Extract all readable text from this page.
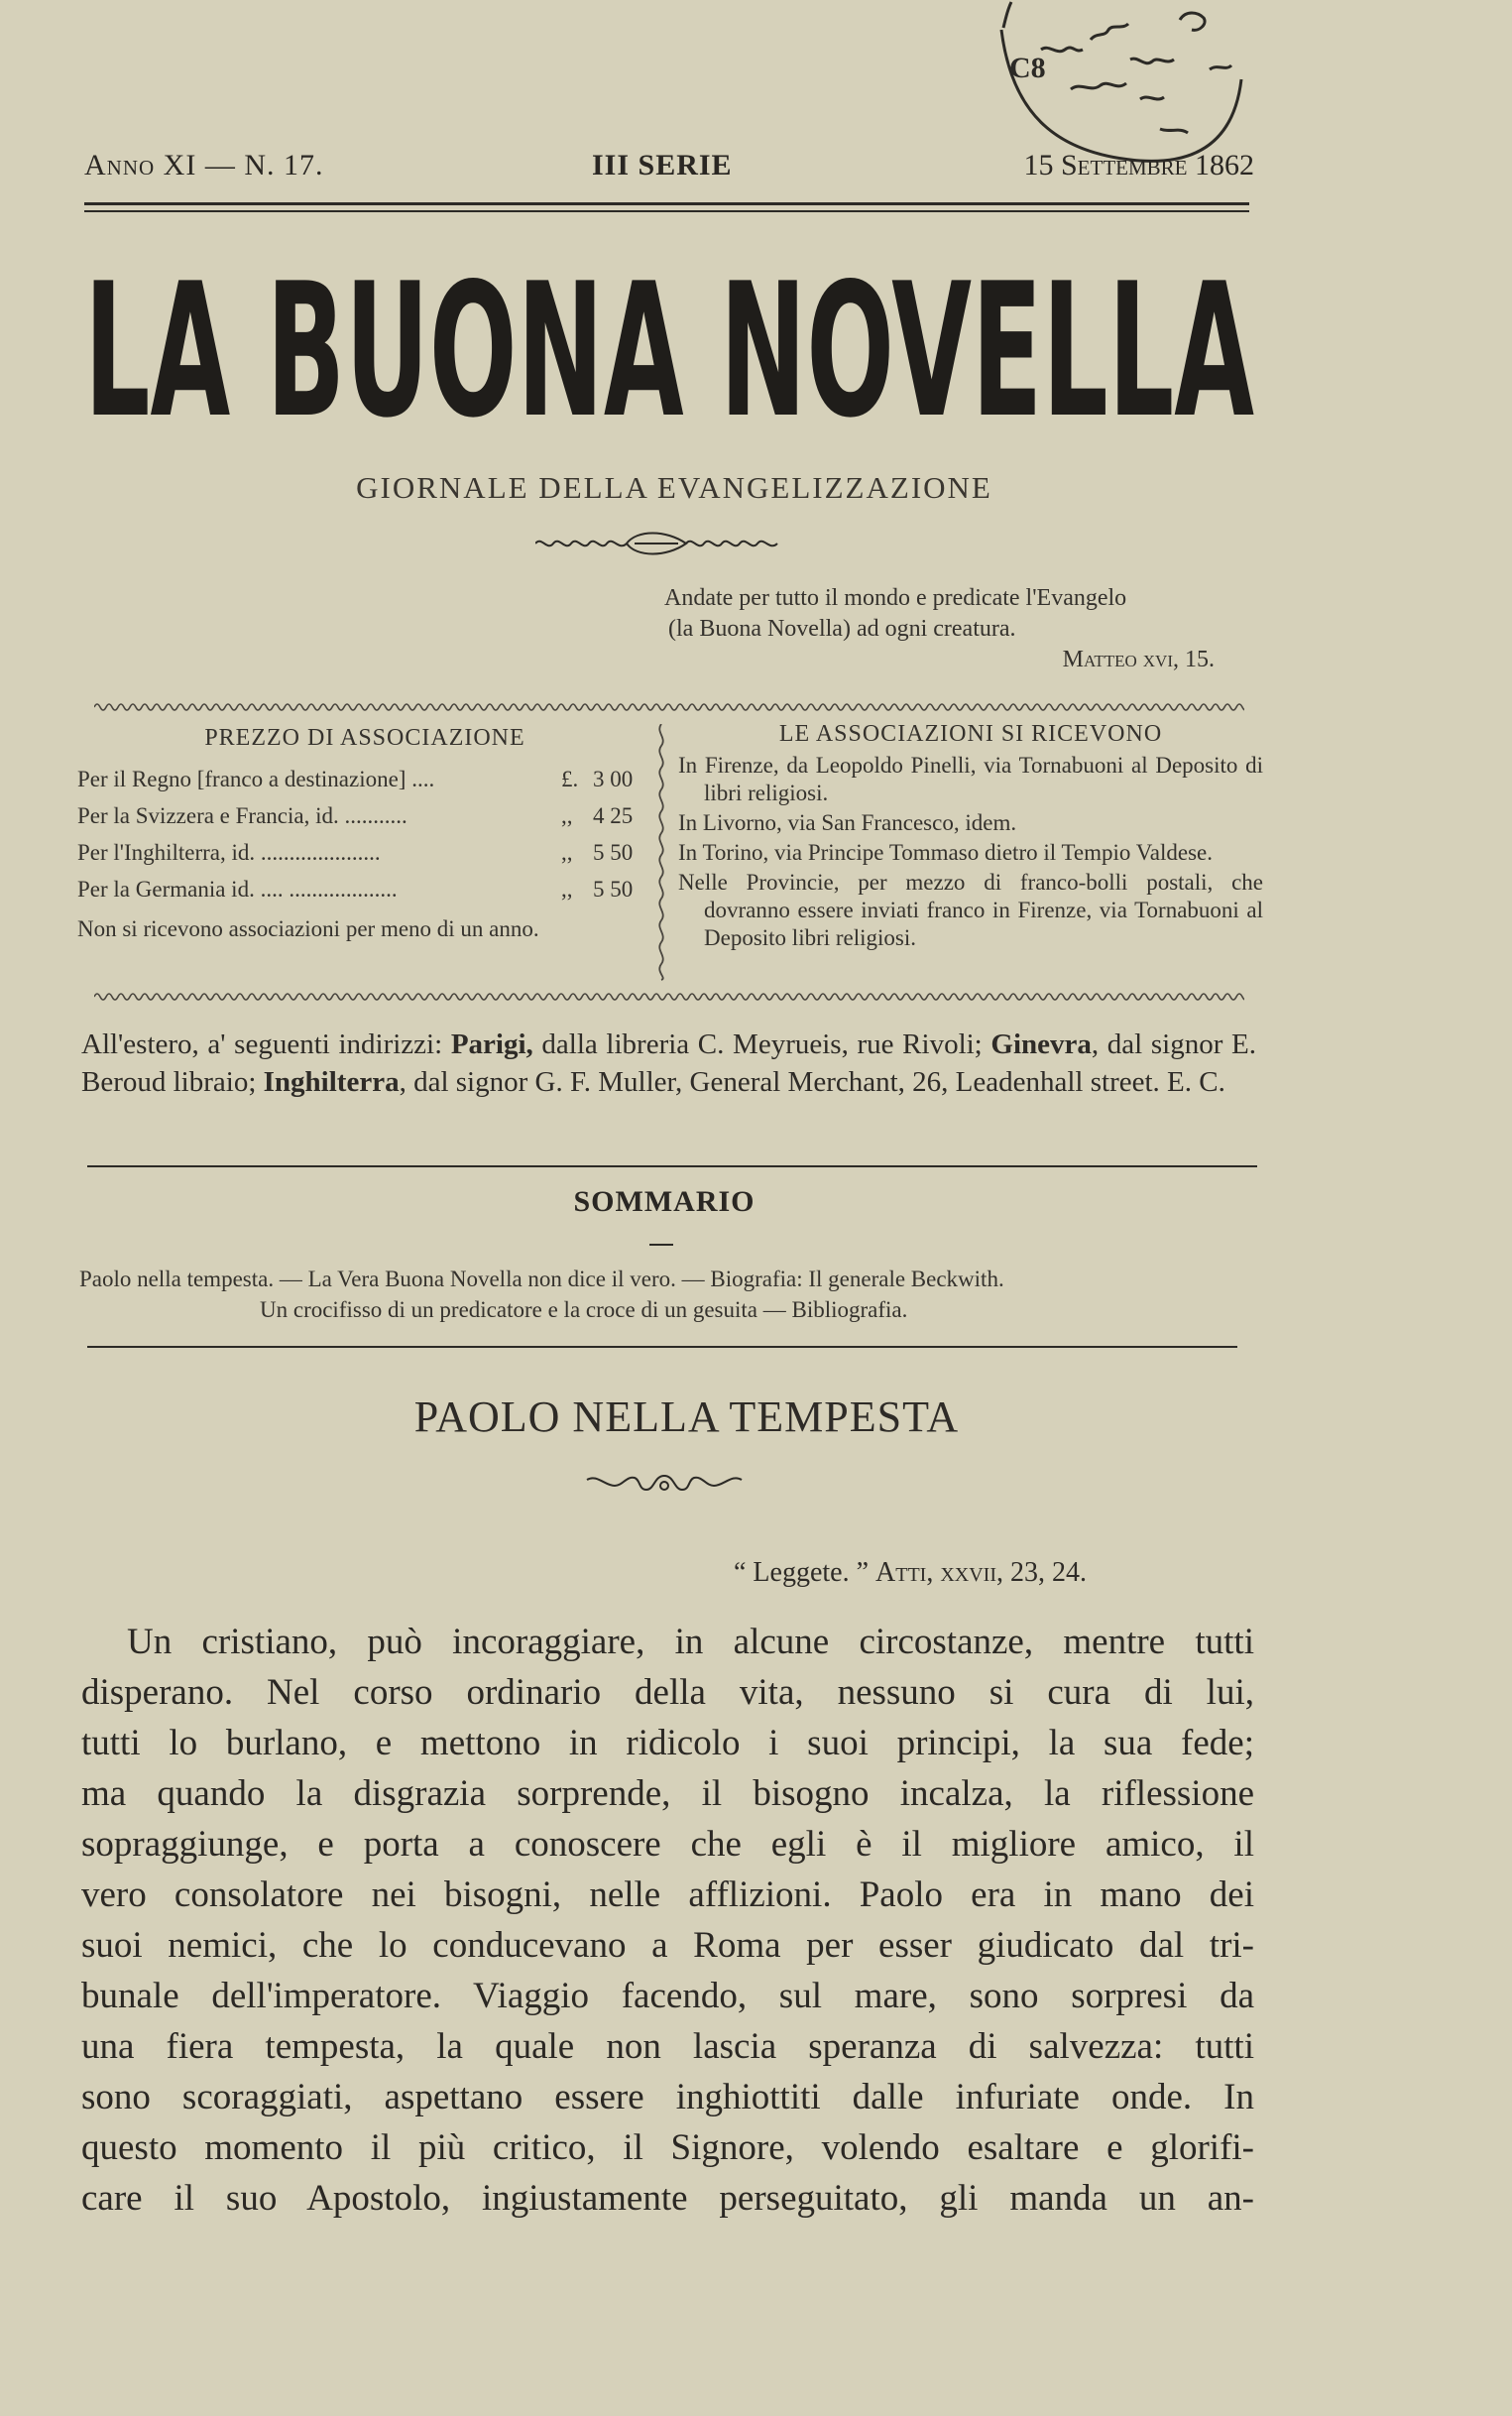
C8
Anno XI — N. 17.	III SERIE	15 Settembre 1862
LA BUONA NOVELLA
GIORNALE DELLA EVANGELIZZAZIONE
Andate per tutto il mondo e predicate l'Evangelo
(la Buona Novella) ad ogni creatura.
Matteo xvi, 15.
PREZZO DI ASSOCIAZIONE
Per il Regno [franco a destinazione] ....	£. 3 00
Per la Svizzera e Francia, id. ...........	,, 4 25
Per l'Inghilterra, id. .....................	,, 5 50
Per la Germania id. .... ...................	,, 5 50
Non si ricevono associazioni per meno di un anno.
LE ASSOCIAZIONI SI RICEVONO
In Firenze, da Leopoldo Pinelli, via Tornabuoni al Deposito di libri religiosi.
In Livorno, via San Francesco, idem.
In Torino, via Principe Tommaso dietro il Tempio Valdese.
Nelle Provincie, per mezzo di franco-bolli postali, che dovranno essere inviati franco in Firenze, via Tornabuoni al Deposito libri religiosi.
All'estero, a' seguenti indirizzi: Parigi, dalla libreria C. Meyrueis, rue Rivoli; Ginevra, dal signor E. Beroud libraio; Inghilterra, dal signor G. F. Muller, General Merchant, 26, Leadenhall street. E. C.
SOMMARIO
Paolo nella tempesta. — La Vera Buona Novella non dice il vero. — Biografia: Il generale Beckwith.
Un crocifisso di un predicatore e la croce di un gesuita — Bibliografia.
PAOLO NELLA TEMPESTA
“ Leggete. ” Atti, xxvii, 23, 24.
Un cristiano, può incoraggiare, in alcune circostanze, mentre tutti
disperano. Nel corso ordinario della vita, nessuno si cura di lui,
tutti lo burlano, e mettono in ridicolo i suoi principi, la sua fede;
ma quando la disgrazia sorprende, il bisogno incalza, la riflessione
sopraggiunge, e porta a conoscere che egli è il migliore amico, il
vero consolatore nei bisogni, nelle afflizioni. Paolo era in mano dei
suoi nemici, che lo conducevano a Roma per esser giudicato dal tri-
bunale dell'imperatore. Viaggio facendo, sul mare, sono sorpresi da
una fiera tempesta, la quale non lascia speranza di salvezza: tutti
sono scoraggiati, aspettano essere inghiottiti dalle infuriate onde. In
questo momento il più critico, il Signore, volendo esaltare e glorifi-
care il suo Apostolo, ingiustamente perseguitato, gli manda un an-
